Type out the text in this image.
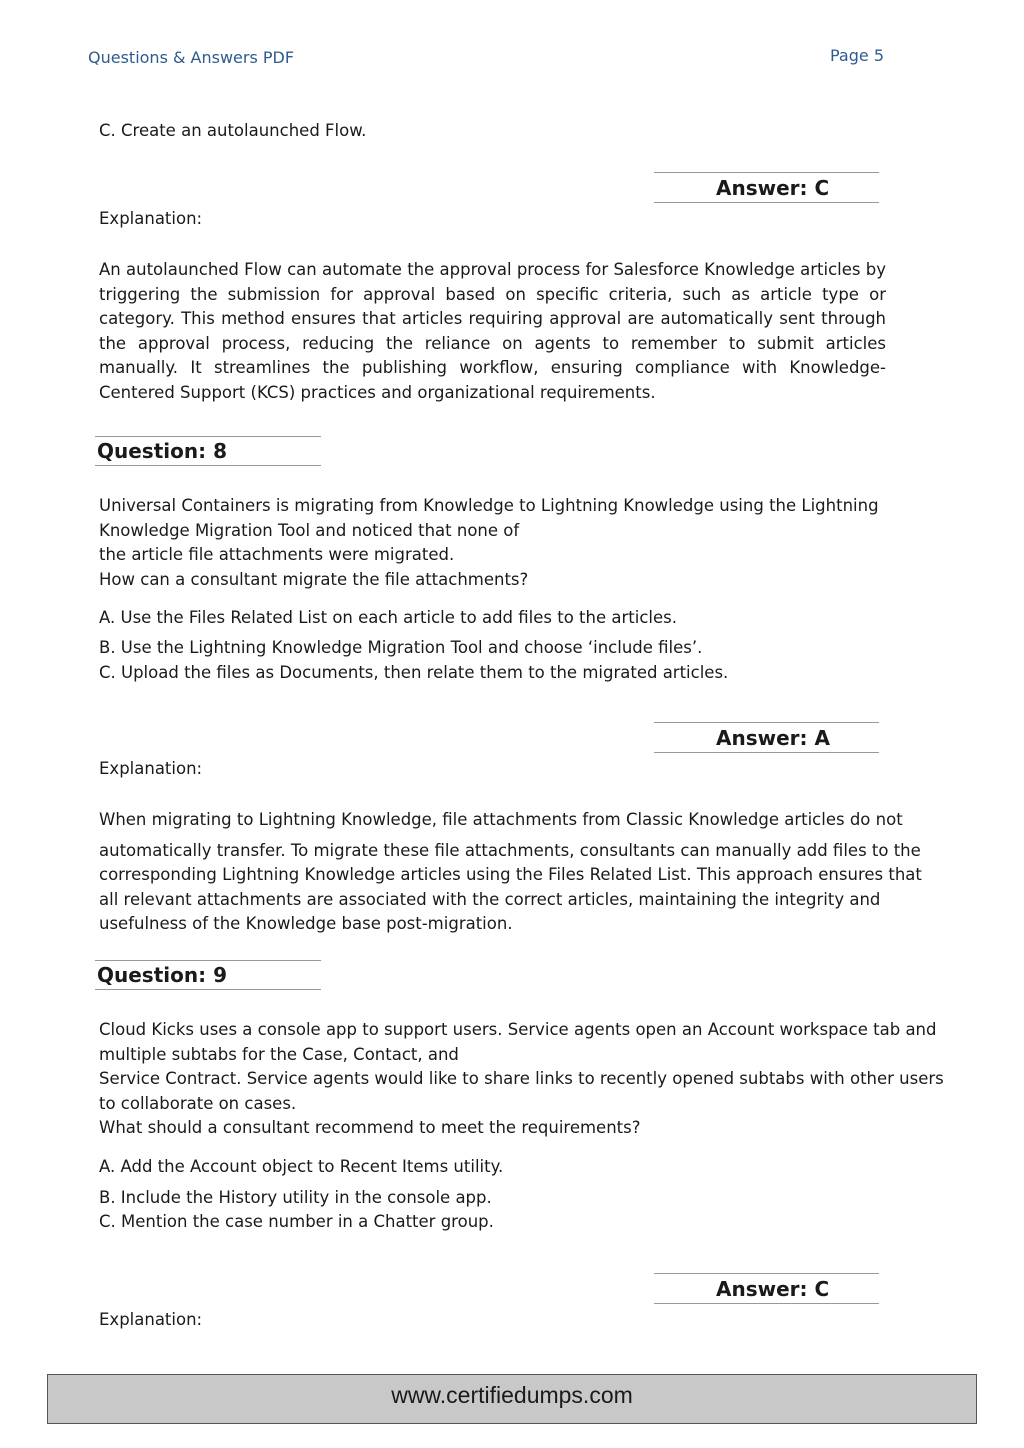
Questions & Answers PDF	Page 5
C. Create an autolaunched Flow.
Answer: C
Explanation:
An autolaunched Flow can automate the approval process for Salesforce Knowledge articles by triggering the submission for approval based on specific criteria, such as article type or category. This method ensures that articles requiring approval are automatically sent through the approval process, reducing the reliance on agents to remember to submit articles manually. It streamlines the publishing workflow, ensuring compliance with Knowledge-Centered Support (KCS) practices and organizational requirements.
Question: 8
Universal Containers is migrating from Knowledge to Lightning Knowledge using the Lightning
Knowledge Migration Tool and noticed that none of
the article file attachments were migrated.
How can a consultant migrate the file attachments?
A. Use the Files Related List on each article to add files to the articles.
B. Use the Lightning Knowledge Migration Tool and choose ‘include files’.
C. Upload the files as Documents, then relate them to the migrated articles.
Answer: A
Explanation:
When migrating to Lightning Knowledge, file attachments from Classic Knowledge articles do not
automatically transfer. To migrate these file attachments, consultants can manually add files to the
corresponding Lightning Knowledge articles using the Files Related List. This approach ensures that
all relevant attachments are associated with the correct articles, maintaining the integrity and
usefulness of the Knowledge base post-migration.
Question: 9
Cloud Kicks uses a console app to support users. Service agents open an Account workspace tab and
multiple subtabs for the Case, Contact, and
Service Contract. Service agents would like to share links to recently opened subtabs with other users
to collaborate on cases.
What should a consultant recommend to meet the requirements?
A. Add the Account object to Recent Items utility.
B. Include the History utility in the console app.
C. Mention the case number in a Chatter group.
Answer: C
Explanation:
www.certifiedumps.com
